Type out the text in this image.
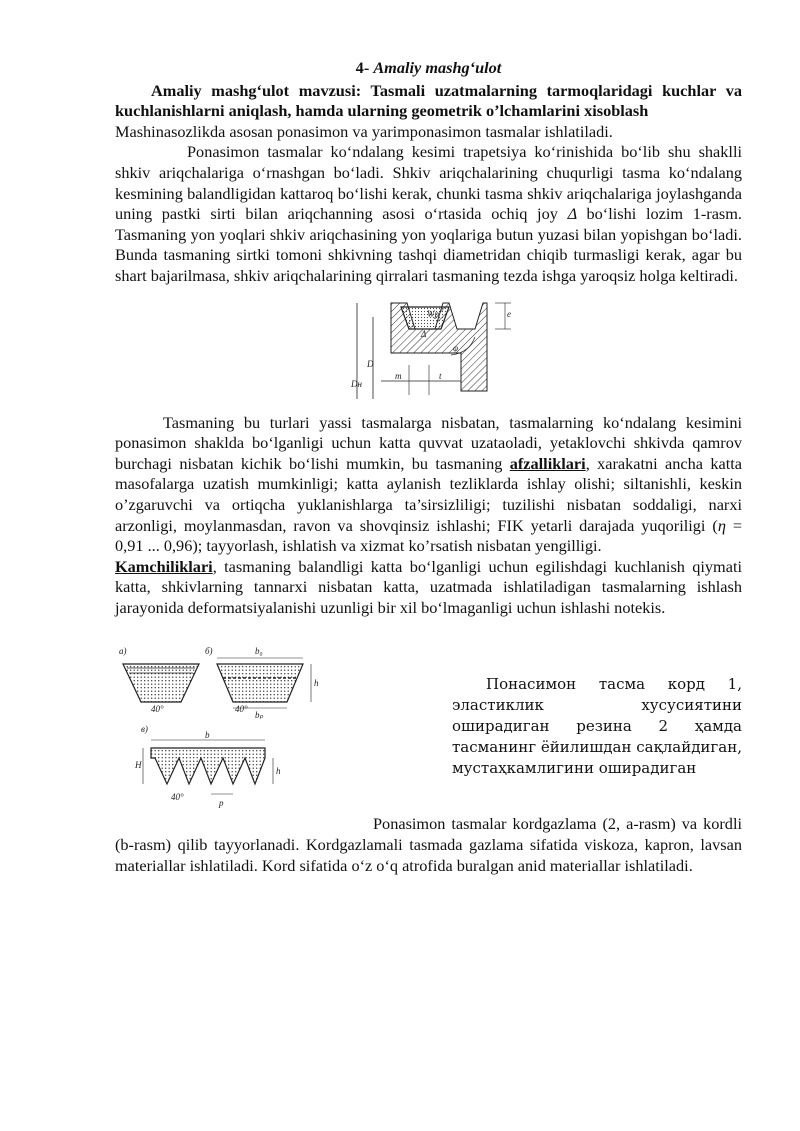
4- Amaliy mashg‘ulot
Amaliy mashg‘ulot mavzusi: Tasmali uzatmalarning tarmoqlaridagi kuchlar va kuchlanishlarni aniqlash, hamda ularning geometrik o’lchamlarini xisoblash
Mashinasozlikda asosan ponasimon va yarimponasimon tasmalar ishlatiladi.
Ponasimon tasmalar ko‘ndalang kesimi trapetsiya ko‘rinishida bo‘lib shu shaklli shkiv ariqchalariga o‘rnashgan bo‘ladi. Shkiv ariqchalarining chuqurligi tasma ko‘ndalang kesmining balandligidan kattaroq bo‘lishi kerak, chunki tasma shkiv ariqchalariga joylashganda uning pastki sirti bilan ariqchanning asosi o‘rtasida ochiq joy Δ bo‘lishi lozim 1-rasm. Tasmaning yon yoqlari shkiv ariqchasining yon yoqlariga butun yuzasi bilan yopishgan bo‘ladi. Bunda tasmaning sirtki tomoni shkivning tashqi diametridan chiqib turmasligi kerak, agar bu shart bajarilmasa, shkiv ariqchalarining qirralari tasmaning tezda ishga yaroqsiz holga keltiradi.
e
D
Dн
m	t
Δ
φ
Wр
Tasmaning bu turlari yassi tasmalarga nisbatan, tasmalarning ko‘ndalang kesimini ponasimon shaklda bo‘lganligi uchun katta quvvat uzataoladi, yetaklovchi shkivda qamrov burchagi nisbatan kichik bo‘lishi mumkin, bu tasmaning afzalliklari, xarakatni ancha katta masofalarga uzatish mumkinligi; katta aylanish tezliklarda ishlay olishi; siltanishli, keskin o’zgaruvchi va ortiqcha yuklanishlarga ta’sirsizliligi; tuzilishi nisbatan soddaligi, narxi arzonligi, moylanmasdan, ravon va shovqinsiz ishlashi; FIK yetarli darajada yuqoriligi (η = 0,91 ... 0,96); tayyorlash, ishlatish va xizmat ko’rsatish nisbatan yengilligi.
Kamchiliklari, tasmaning balandligi katta bo‘lganligi uchun egilishdagi kuchlanish qiymati katta, shkivlarning tannarxi nisbatan katta, uzatmada ishlatiladigan tasmalarning ishlash jarayonida deformatsiyalanishi uzunligi bir xil bo‘lmaganligi uchun ishlashi notekis.
а)
40°
б)	b₀
bₚ
h
40°
в)
b
H
h
40°
p
Понасимон тасма корд 1, эластиклик хусусиятини оширадиган резина 2 ҳамда тасманинг ёйилишдан сақлайдиган, мустаҳкамлигини оширадиган
Ponasimon tasmalar kordgazlama (2, a-rasm) va kordli (b-rasm) qilib tayyorlanadi. Kordgazlamali tasmada gazlama sifatida viskoza, kapron, lavsan materiallar ishlatiladi. Kord sifatida o‘z o‘q atrofida buralgan anid materiallar ishlatiladi.
